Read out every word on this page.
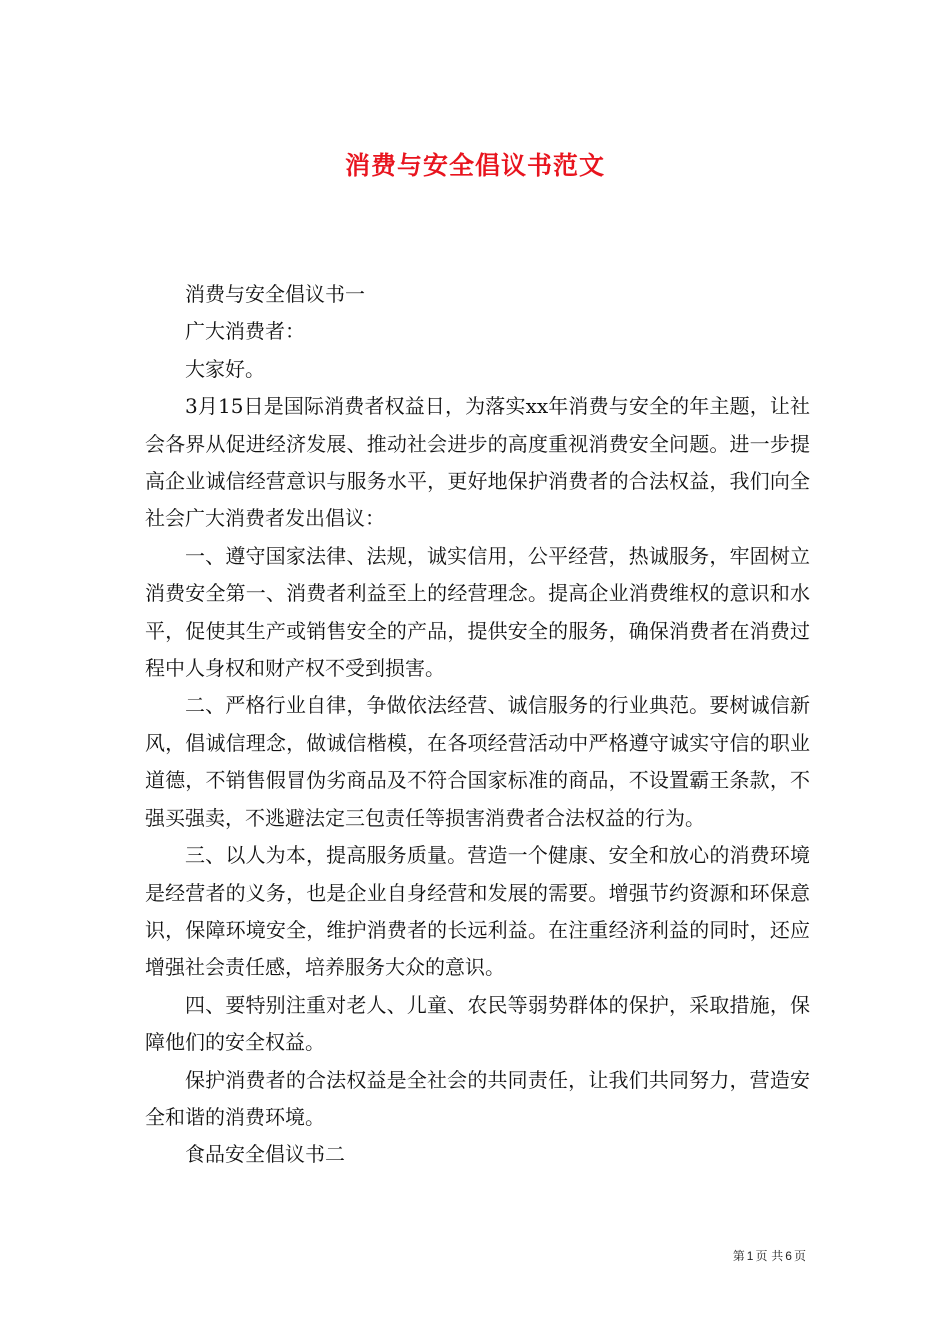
消费与安全倡议书范文

消费与安全倡议书一

广大消费者：

大家好。

3月15日是国际消费者权益日，为落实xx年消费与安全的年主题，让社会各界从促进经济发展、推动社会进步的高度重视消费安全问题。进一步提高企业诚信经营意识与服务水平，更好地保护消费者的合法权益，我们向全社会广大消费者发出倡议：

一、遵守国家法律、法规，诚实信用，公平经营，热诚服务，牢固树立消费安全第一、消费者利益至上的经营理念。提高企业消费维权的意识和水平，促使其生产或销售安全的产品，提供安全的服务，确保消费者在消费过程中人身权和财产权不受到损害。

二、严格行业自律，争做依法经营、诚信服务的行业典范。要树诚信新风，倡诚信理念，做诚信楷模，在各项经营活动中严格遵守诚实守信的职业道德，不销售假冒伪劣商品及不符合国家标准的商品，不设置霸王条款，不强买强卖，不逃避法定三包责任等损害消费者合法权益的行为。

三、以人为本，提高服务质量。营造一个健康、安全和放心的消费环境是经营者的义务，也是企业自身经营和发展的需要。增强节约资源和环保意识，保障环境安全，维护消费者的长远利益。在注重经济利益的同时，还应增强社会责任感，培养服务大众的意识。

四、要特别注重对老人、儿童、农民等弱势群体的保护，采取措施，保障他们的安全权益。

保护消费者的合法权益是全社会的共同责任，让我们共同努力，营造安全和谐的消费环境。

食品安全倡议书二

第 1 页 共 6 页
